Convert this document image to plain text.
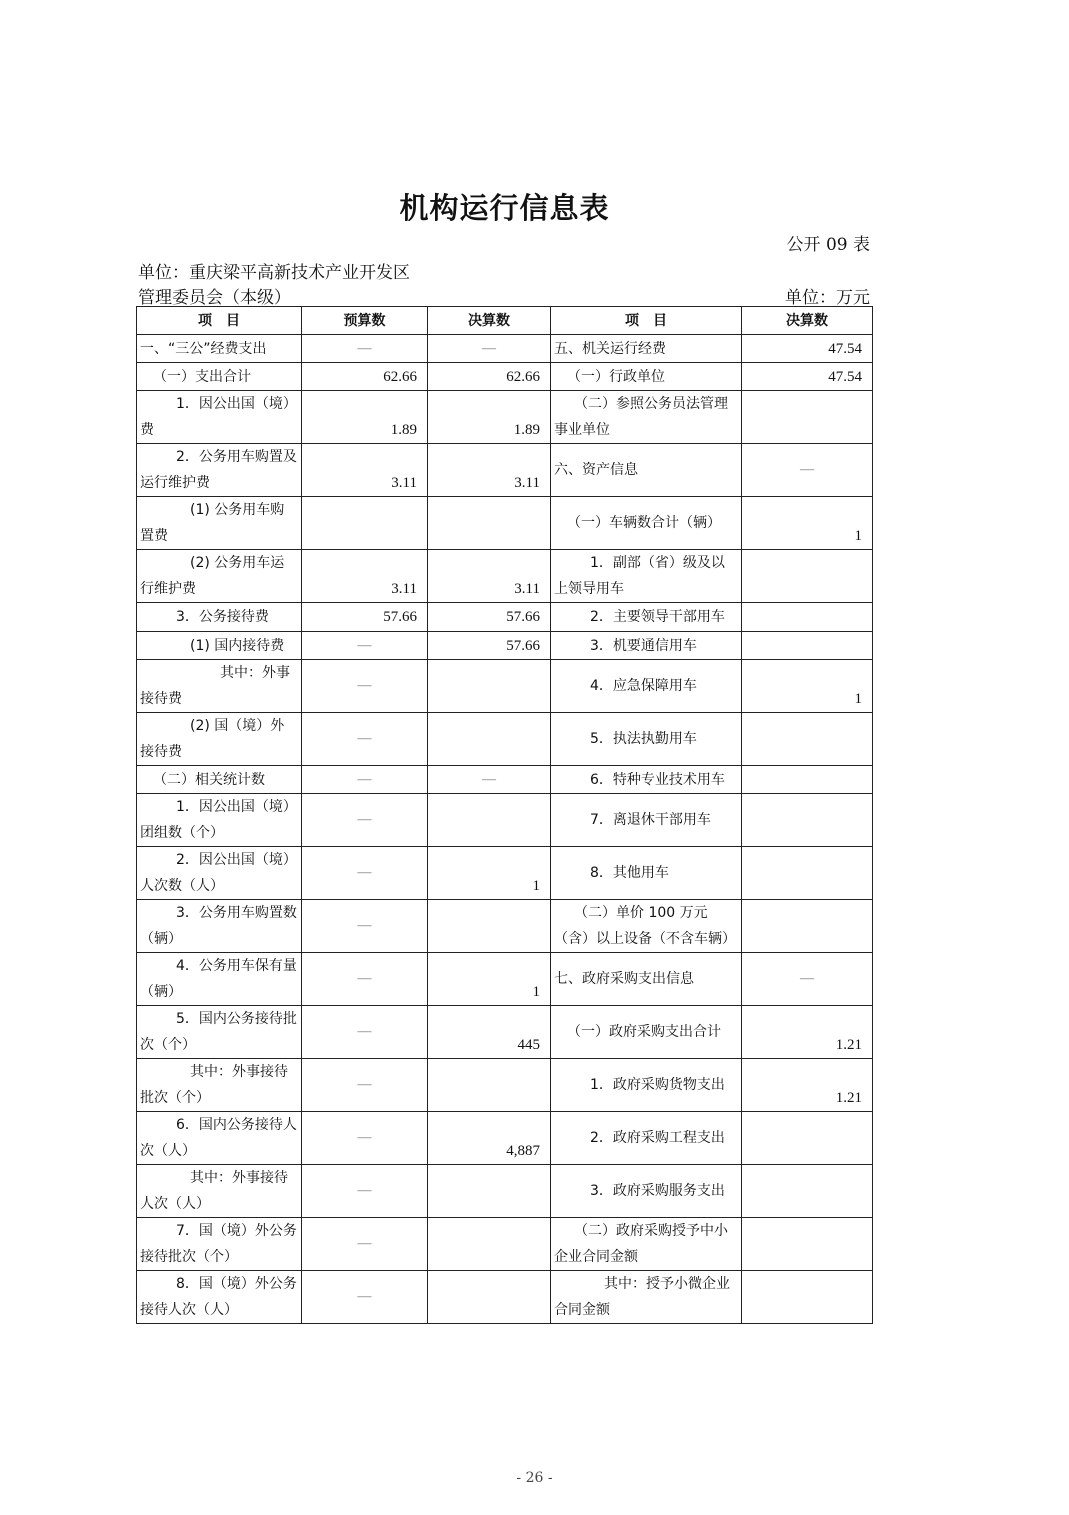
机构运行信息表
公开 09 表
单位：重庆梁平高新技术产业开发区
管理委员会（本级）	单位：万元
项　目	预算数	决算数	项　目	决算数
一、“三公”经费支出	—	—	五、机关运行经费	47.54
（一）支出合计	62.66	62.66	（一）行政单位	47.54
1．因公出国（境）费	1.89	1.89	（二）参照公务员法管理事业单位	
2．公务用车购置及运行维护费	3.11	3.11	六、资产信息	—
(1) 公务用车购置费			（一）车辆数合计（辆）	1
(2) 公务用车运行维护费	3.11	3.11	1．副部（省）级及以上领导用车	
3．公务接待费	57.66	57.66	2．主要领导干部用车	
(1) 国内接待费	—	57.66	3．机要通信用车	
其中：外事接待费	—		4．应急保障用车	1
(2) 国（境）外接待费	—		5．执法执勤用车	
（二）相关统计数	—	—	6．特种专业技术用车	
1．因公出国（境）团组数（个）	—		7．离退休干部用车	
2．因公出国（境）人次数（人）	—	1	8．其他用车	
3．公务用车购置数（辆）	—		（二）单价 100 万元（含）以上设备（不含车辆）	
4．公务用车保有量（辆）	—	1	七、政府采购支出信息	—
5．国内公务接待批次（个）	—	445	（一）政府采购支出合计	1.21
其中：外事接待批次（个）	—		1．政府采购货物支出	1.21
6．国内公务接待人次（人）	—	4,887	2．政府采购工程支出	
其中：外事接待人次（人）	—		3．政府采购服务支出	
7．国（境）外公务接待批次（个）	—		（二）政府采购授予中小企业合同金额	
8．国（境）外公务接待人次（人）	—		其中：授予小微企业合同金额	
- 26 -
